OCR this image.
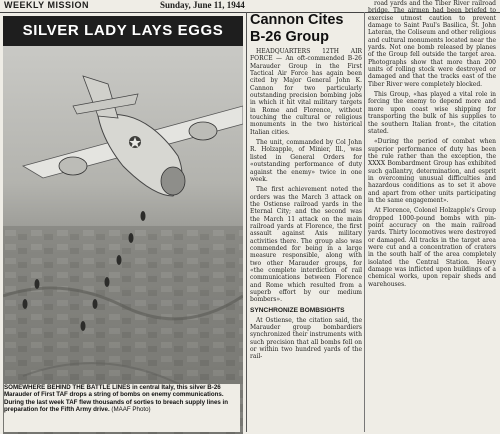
WEEKLY MISSION	Sunday, June 11, 1944
SILVER LADY LAYS EGGS
SOMEWHERE BEHIND THE BATTLE LINES in central Italy, this silver B-26 Marauder of First TAF drops a string of bombs on enemy communications. During the last week TAF flew thousands of sorties to breach supply lines in preparation for the Fifth Army drive. (MAAF Photo)
Cannon Cites
B-26 Group

HEADQUARTERS 12TH AIR FORCE — An oft-commended B-26 Marauder Group in the First Tactical Air Force has again been cited by Major General John K. Cannon for two particularly outstanding precision bombing jobs in which it hit vital military targets in Rome and Florence, without touching the cultural or religious monuments in the two historical Italian cities.

The unit, commanded by Col John R. Holzapple, of Minier, Ill., was listed in General Orders for «outstanding performance of duty against the enemy» twice in one week.

The first achievement noted the orders was the March 3 attack on the Ostiense railroad yards in the Eternal City; and the second was the March 11 attack on the main railroad yards at Florence, the first assault against Axis military activities there. The group also was commended for being in a large measure responsible, along with two other Marauder groups, for «the complete interdiction of rail communications between Florence and Rome which resulted from a superb effort by our medium bombers».

SYNCHRONIZE BOMBSIGHTS

At Ostiense, the citation said, the Marauder group bombardiers synchronized their instruments with such precision that all bombs fell on or within two hundred yards of the rail-

road yards and the Tiber River railroad bridge. The airmen had been briefed to exercise utmost caution to prevent damage to Saint Paul's Basilica, St. John Lateran, the Coliseum and other religious and cultural monuments located near the yards. Not one bomb released by planes of the Group fell outside the target area. Photographs show that more than 200 units of rolling stock were destroyed or damaged and that the tracks east of the Tiber River were completely blocked.

This Group, «has played a vital role in forcing the enemy to depend more and more upon coast wise shipping for transporting the bulk of his supplies to the southern Italian front», the citation stated.

«During the period of combat when superior performance of duty has been the rule rather than the exception, the XXXX Bombardment Group has exhibited such gallantry, determination, and esprit in overcoming unusual difficulties and hazardous conditions as to set it above and apart from other units participating in the same engagement».

At Florence, Colonel Holzapple's Group dropped 1000-pound bombs with pin-point accuracy on the main railroad yards. Thirty locomotives were destroyed or damaged. All tracks in the target area were cut and a concentration of craters in the south half of the area completely isolated the Central Station. Heavy damage was inflicted upon buildings of a chemical works, upon repair sheds and warehouses.
